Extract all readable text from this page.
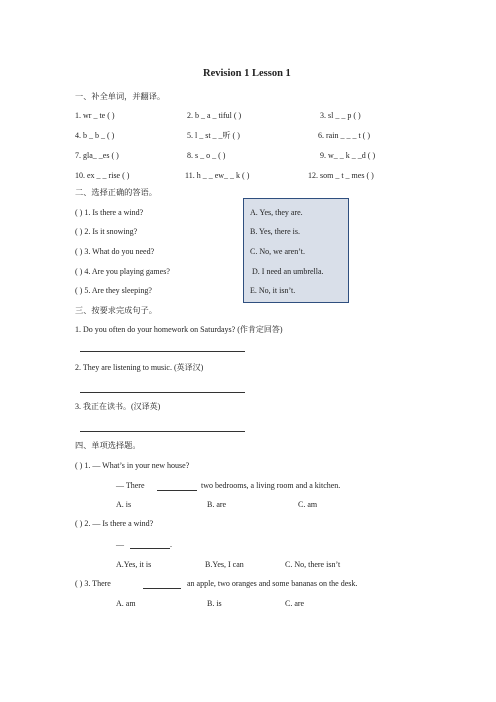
Revision 1 Lesson 1
一、补全单词，并翻译。
1. wr _ te ( )	2. b _ a _ tiful ( )	3. sl _ _ p ( )
4. b _ b _ ( )	5. l _ st _ _听 ( )	6. rain _ _ _ t ( )
7. gla_ _es ( )	8. s _ o _ ( )	9. w_ _ k _ _d ( )
10. ex _ _ rise ( )	11. h _ _ ew_ _ k ( )	12. som _ t _ mes ( )
二、选择正确的答语。
( ) 1. Is there a wind?
( ) 2. Is it snowing?
( ) 3. What do you need?
( ) 4. Are you playing games?
( ) 5. Are they sleeping?
A. Yes, they are.
B. Yes, there is.
C. No, we aren’t.
D. I need an umbrella.
E. No, it isn’t.
三、按要求完成句子。
1. Do you often do your homework on Saturdays? (作肯定回答)
2. They are listening to music. (英译汉)
3. 我正在读书。(汉译英)
四、单项选择题。
( ) 1. — What’s in your new house?
— There	two bedrooms, a living room and a kitchen.
A. is	B. are	C. am
( ) 2. — Is there a wind?
—	.
A.Yes, it is	B.Yes, I can	C. No, there isn’t
( ) 3. There	an apple, two oranges and some bananas on the desk.
A. am	B. is	C. are
